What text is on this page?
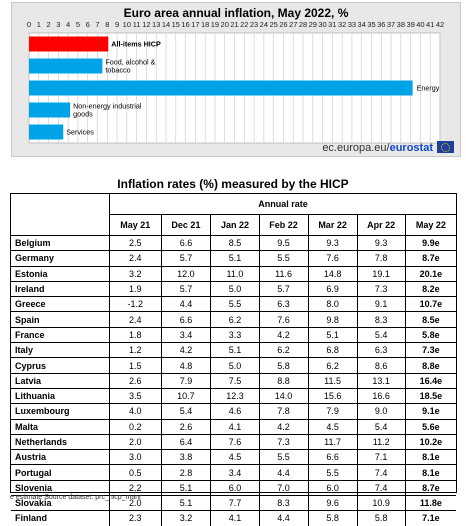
0 1 2 3 4 5 6 7 8 9 10 11 12 13 14 15 16 17 18 19 20 21 22 23 24 25 26 27 28 29 30 31 32 33 34 35 36 37 38 39 40 41 42
All-items HICP
Food, alcohol & tobacco
Energy
Non-energy industrial goods
Services
Euro area annual inflation, May 2022, %
ec.europa.eu/eurostat
Inflation rates (%) measured by the HICP
	Annual rate						
	May 21	Dec 21	Jan 22	Feb 22	Mar 22	Apr 22	May 22
Belgium	2.5	6.6	8.5	9.5	9.3	9.3	9.9e
Germany	2.4	5.7	5.1	5.5	7.6	7.8	8.7e
Estonia	3.2	12.0	11.0	11.6	14.8	19.1	20.1e
Ireland	1.9	5.7	5.0	5.7	6.9	7.3	8.2e
Greece	-1.2	4.4	5.5	6.3	8.0	9.1	10.7e
Spain	2.4	6.6	6.2	7.6	9.8	8.3	8.5e
France	1.8	3.4	3.3	4.2	5.1	5.4	5.8e
Italy	1.2	4.2	5.1	6.2	6.8	6.3	7.3e
Cyprus	1.5	4.8	5.0	5.8	6.2	8.6	8.8e
Latvia	2.6	7.9	7.5	8.8	11.5	13.1	16.4e
Lithuania	3.5	10.7	12.3	14.0	15.6	16.6	18.5e
Luxembourg	4.0	5.4	4.6	7.8	7.9	9.0	9.1e
Malta	0.2	2.6	4.1	4.2	4.5	5.4	5.6e
Netherlands	2.0	6.4	7.6	7.3	11.7	11.2	10.2e
Austria	3.0	3.8	4.5	5.5	6.6	7.1	8.1e
Portugal	0.5	2.8	3.4	4.4	5.5	7.4	8.1e
Slovenia	2.2	5.1	6.0	7.0	6.0	7.4	8.7e
Slovakia	2.0	5.1	7.7	8.3	9.6	10.9	11.8e
Finland	2.3	3.2	4.1	4.4	5.8	5.8	7.1e
e estimate Source dataset: prc_hicp_manr
